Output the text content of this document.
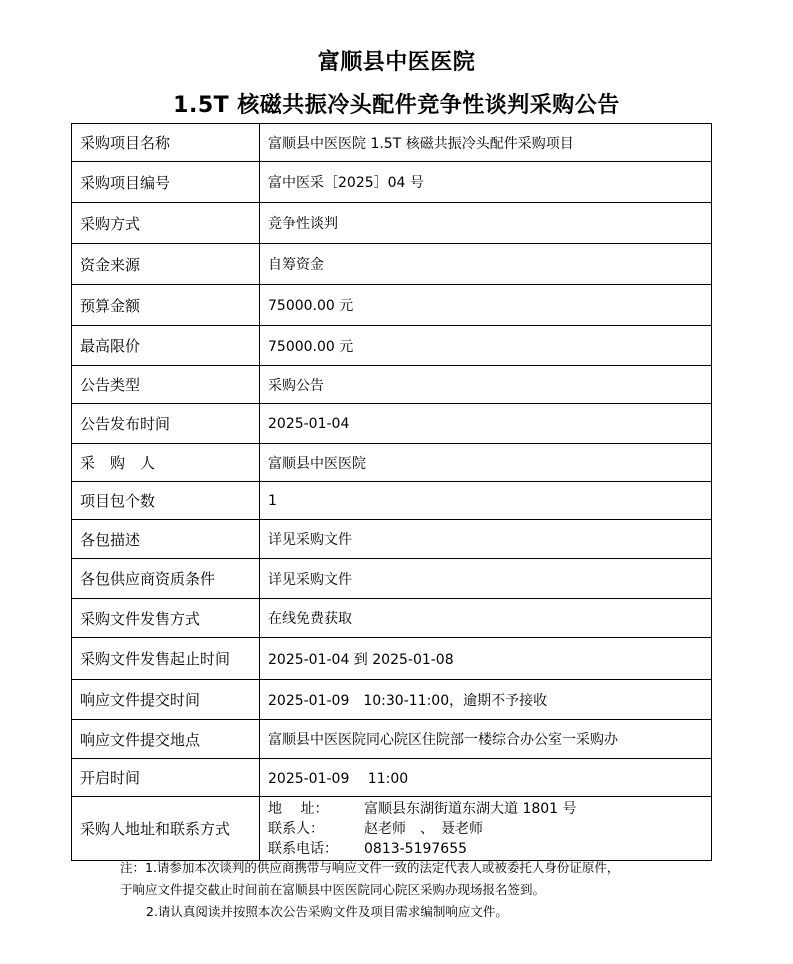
富顺县中医医院
1.5T 核磁共振冷头配件竞争性谈判采购公告
采购项目名称	富顺县中医医院 1.5T 核磁共振冷头配件采购项目
采购项目编号	富中医采［2025］04 号
采购方式	竞争性谈判
资金来源	自筹资金
预算金额	75000.00 元
最高限价	75000.00 元
公告类型	采购公告
公告发布时间	2025-01-04
采　购　人	富顺县中医医院
项目包个数	1
各包描述	详见采购文件
各包供应商资质条件	详见采购文件
采购文件发售方式	在线免费获取
采购文件发售起止时间	2025-01-04 到 2025-01-08
响应文件提交时间	2025-01-09　10:30-11:00，逾期不予接收
响应文件提交地点	富顺县中医医院同心院区住院部一楼综合办公室一采购办
开启时间	2025-01-09　 11:00
采购人地址和联系方式	地　 址： 富顺县东湖街道东湖大道 1801 号
联系人： 赵老师　、　聂老师
联系电话： 0813-5197655
注：1.请参加本次谈判的供应商携带与响应文件一致的法定代表人或被委托人身份证原件，
于响应文件提交截止时间前在富顺县中医医院同心院区采购办现场报名签到。
2.请认真阅读并按照本次公告采购文件及项目需求编制响应文件。
